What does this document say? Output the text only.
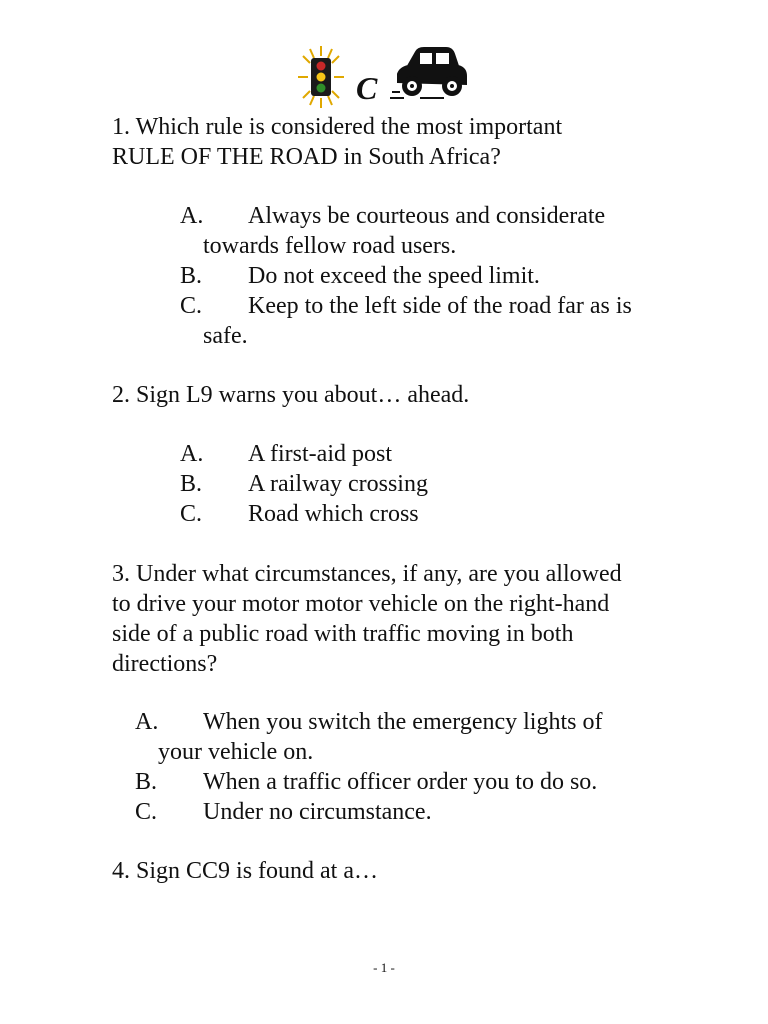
C
1. Which rule is considered the most important
RULE OF THE ROAD in South Africa?
A. Always be courteous and considerate
towards fellow road users.
B. Do not exceed the speed limit.
C. Keep to the left side of the road far as is
safe.
2. Sign L9 warns you about… ahead.
A. A first-aid post
B. A railway crossing
C. Road which cross
3. Under what circumstances, if any, are you allowed
to drive your motor motor vehicle on the right-hand
side of a public road with traffic moving in both
directions?
A. When you switch the emergency lights of
your vehicle on.
B. When a traffic officer order you to do so.
C. Under no circumstance.
4. Sign CC9 is found at a…
- 1 -
